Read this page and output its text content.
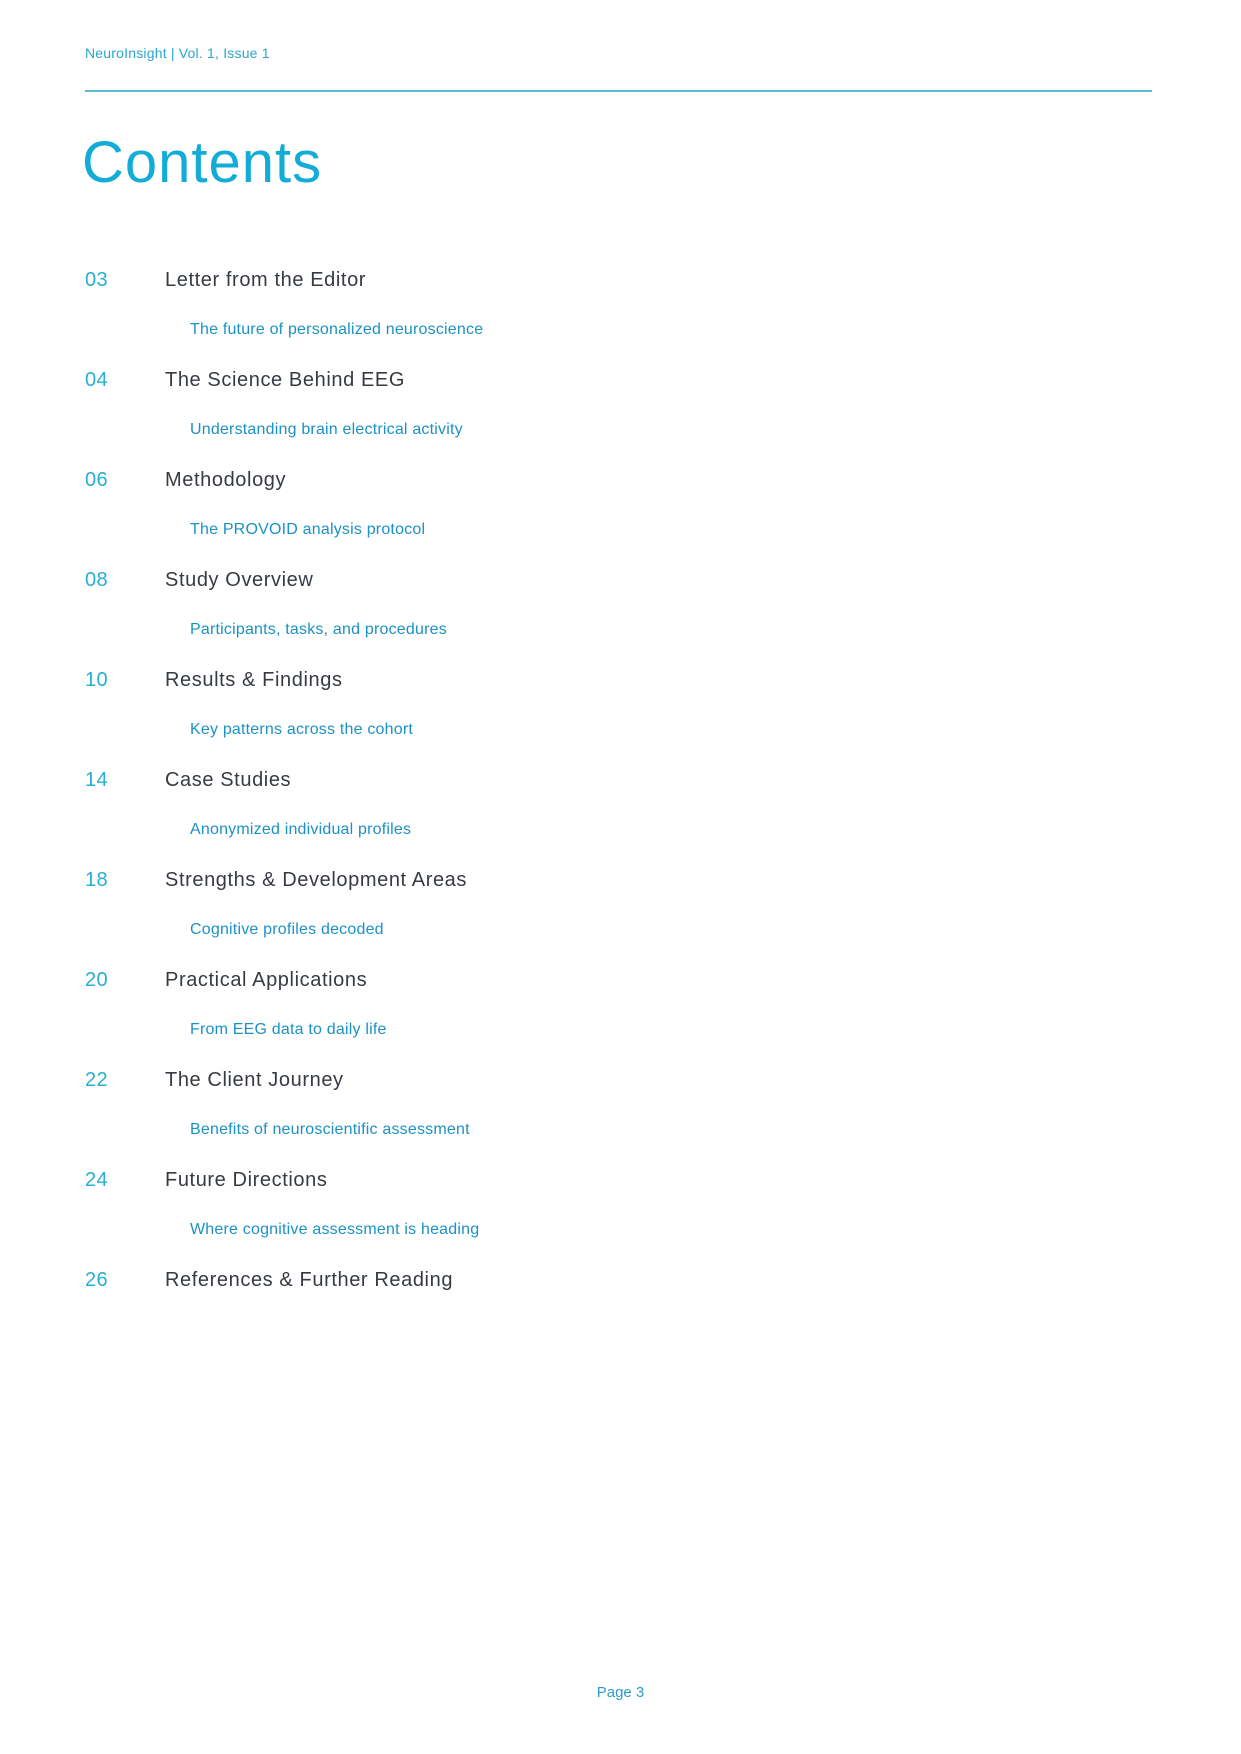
NeuroInsight | Vol. 1, Issue 1
Contents
03	Letter from the Editor
The future of personalized neuroscience
04	The Science Behind EEG
Understanding brain electrical activity
06	Methodology
The PROVOID analysis protocol
08	Study Overview
Participants, tasks, and procedures
10	Results & Findings
Key patterns across the cohort
14	Case Studies
Anonymized individual profiles
18	Strengths & Development Areas
Cognitive profiles decoded
20	Practical Applications
From EEG data to daily life
22	The Client Journey
Benefits of neuroscientific assessment
24	Future Directions
Where cognitive assessment is heading
26	References & Further Reading
Page 3
